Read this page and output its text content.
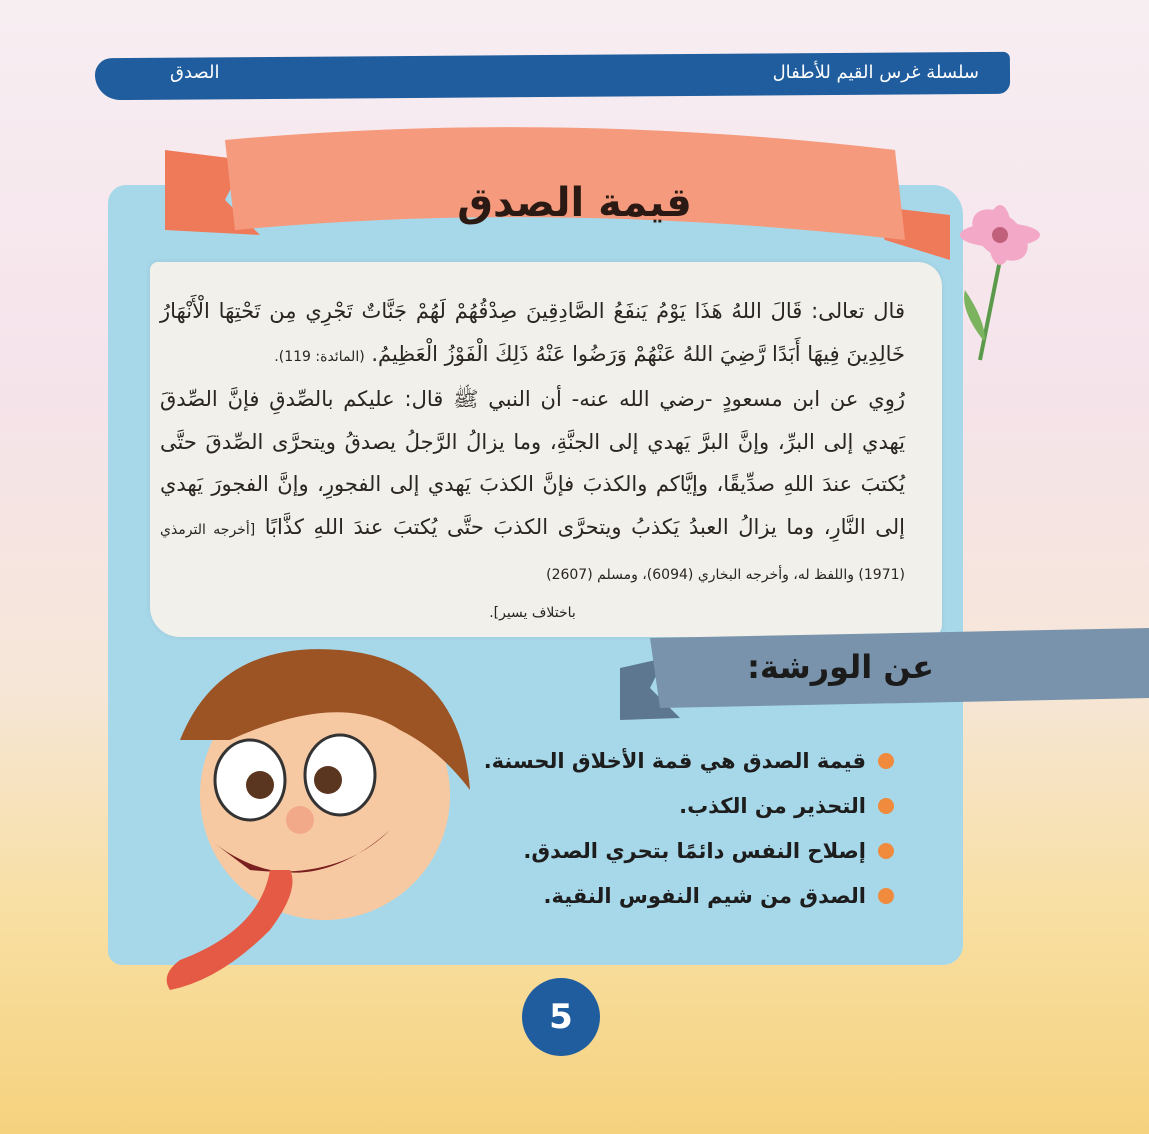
سلسلة غرس القيم للأطفال
الصدق
قيمة الصدق
قال تعالى: قَالَ اللهُ هَذَا يَوْمُ يَنفَعُ الصَّادِقِينَ صِدْقُهُمْ لَهُمْ جَنَّاتٌ تَجْرِي مِن تَحْتِهَا الْأَنْهَارُ خَالِدِينَ فِيهَا أَبَدًا رَّضِيَ اللهُ عَنْهُمْ وَرَضُوا عَنْهُ ذَلِكَ الْفَوْزُ الْعَظِيمُ. (المائدة: 119).
رُوِي عن ابن مسعودٍ -رضي الله عنه- أن النبي ﷺ قال: عليكم بالصِّدقِ فإنَّ الصِّدقَ يَهدي إلى البرِّ، وإنَّ البرَّ يَهدي إلى الجنَّةِ، وما يزالُ الرَّجلُ يصدقُ ويتحرَّى الصِّدقَ حتَّى يُكتبَ عندَ اللهِ صدِّيقًا، وإيَّاكم والكذبَ فإنَّ الكذبَ يَهدي إلى الفجورِ، وإنَّ الفجورَ يَهدي إلى النَّارِ، وما يزالُ العبدُ يَكذبُ ويتحرَّى الكذبَ حتَّى يُكتبَ عندَ اللهِ كذَّابًا [أخرجه الترمذي (1971) واللفظ له، وأخرجه البخاري (6094)، ومسلم (2607)
باختلاف يسير].
عن الورشة:
قيمة الصدق هي قمة الأخلاق الحسنة.
التحذير من الكذب.
إصلاح النفس دائمًا بتحري الصدق.
الصدق من شيم النفوس النقية.
5
